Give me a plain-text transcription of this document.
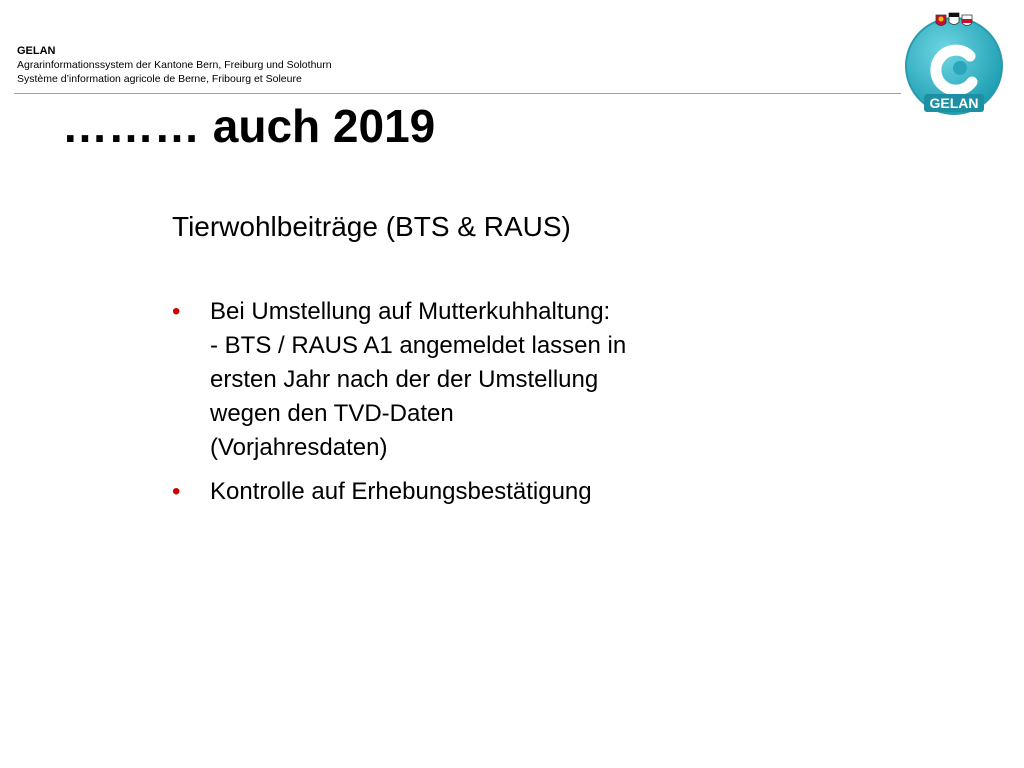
GELAN
Agrarinformationssystem der Kantone Bern, Freiburg und Solothurn
Système d’information agricole de Berne, Fribourg et Soleure
GELAN
……… auch 2019
Tierwohlbeiträge (BTS & RAUS)
•	Bei Umstellung auf Mutterkuhhaltung:
- BTS / RAUS A1 angemeldet lassen in
ersten Jahr nach der der Umstellung
wegen den TVD-Daten
(Vorjahresdaten)
•	Kontrolle auf Erhebungsbestätigung
